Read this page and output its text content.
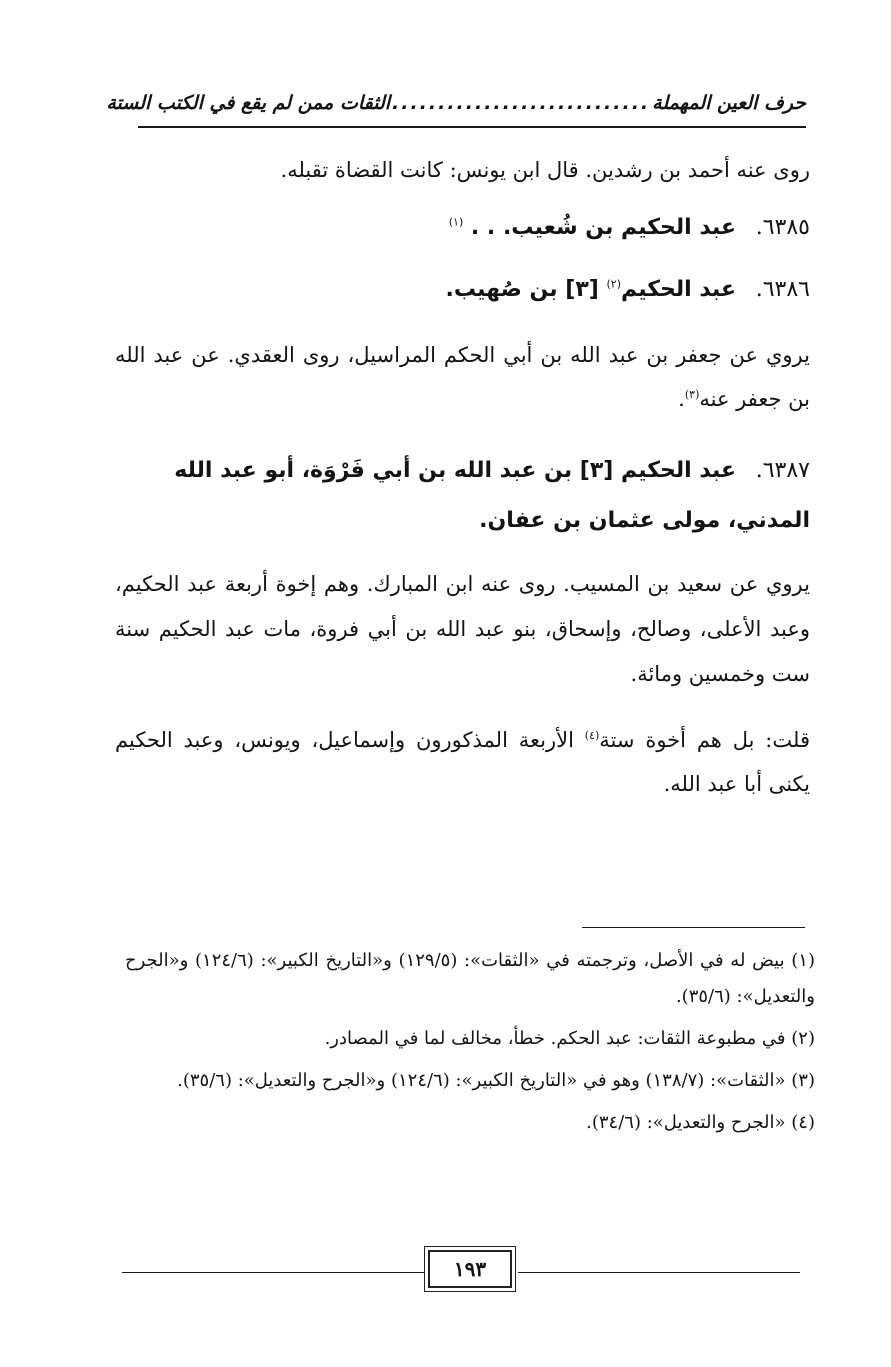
حرف العين المهملة
............................
الثقات ممن لم يقع في الكتب الستة
روى عنه أحمد بن رشدين. قال ابن يونس: كانت القضاة تقبله.
٦٣٨٥. عبد الحكيم بن شُعيب. . . $^{(١)}$
٦٣٨٦. عبد الحكيم$^{(٢)}$ [٣] بن صُهيب.
يروي عن جعفر بن عبد الله بن أبي الحكم المراسيل، روى العقدي. عن عبد الله بن جعفر عنه$^{(٣)}$.
٦٣٨٧. عبد الحكيم [٣] بن عبد الله بن أبي فَرْوَة، أبو عبد الله المدني، مولى عثمان بن عفان.
يروي عن سعيد بن المسيب. روى عنه ابن المبارك. وهم إخوة أربعة عبد الحكيم، وعبد الأعلى، وصالح، وإسحاق، بنو عبد الله بن أبي فروة، مات عبد الحكيم سنة ست وخمسين ومائة.
قلت: بل هم أخوة ستة$^{(٤)}$ الأربعة المذكورون وإسماعيل، ويونس، وعبد الحكيم يكنى أبا عبد الله.
(١) بيض له في الأصل، وترجمته في «الثقات»: (١٢٩/٥) و«التاريخ الكبير»: (١٢٤/٦) و«الجرح والتعديل»: (٣٥/٦).
(٢) في مطبوعة الثقات: عبد الحكم. خطأ، مخالف لما في المصادر.
(٣) «الثقات»: (١٣٨/٧) وهو في «التاريخ الكبير»: (١٢٤/٦) و«الجرح والتعديل»: (٣٥/٦).
(٤) «الجرح والتعديل»: (٣٤/٦).
١٩٣
